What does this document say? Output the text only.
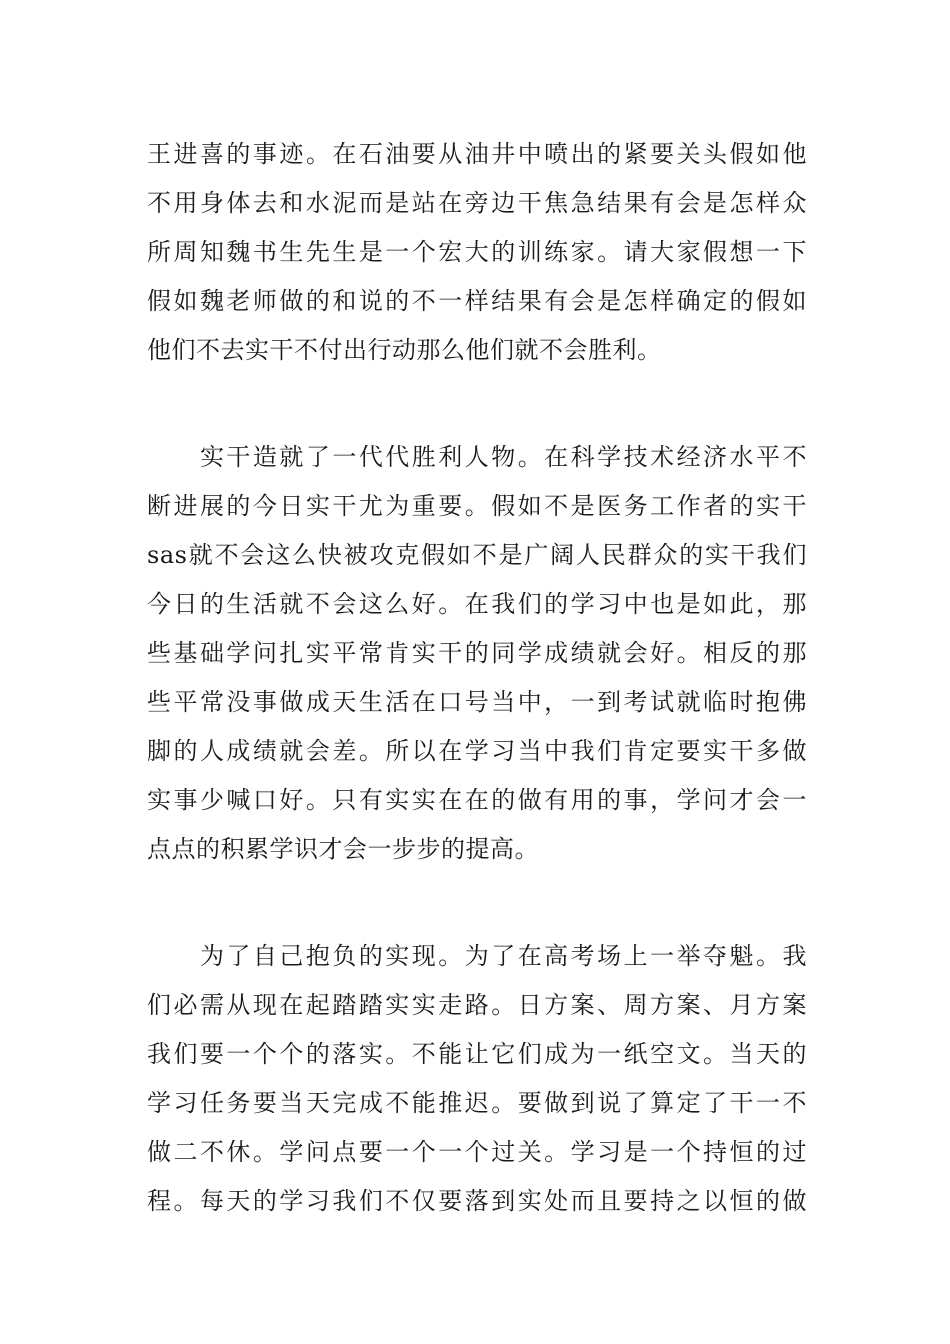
王进喜的事迹。在石油要从油井中喷出的紧要关头假如他
不用身体去和水泥而是站在旁边干焦急结果有会是怎样众
所周知魏书生先生是一个宏大的训练家。请大家假想一下
假如魏老师做的和说的不一样结果有会是怎样确定的假如
他们不去实干不付出行动那么他们就不会胜利。
　　实干造就了一代代胜利人物。在科学技术经济水平不
断进展的今日实干尤为重要。假如不是医务工作者的实干
sas就不会这么快被攻克假如不是广阔人民群众的实干我们
今日的生活就不会这么好。在我们的学习中也是如此，那
些基础学问扎实平常肯实干的同学成绩就会好。相反的那
些平常没事做成天生活在口号当中，一到考试就临时抱佛
脚的人成绩就会差。所以在学习当中我们肯定要实干多做
实事少喊口好。只有实实在在的做有用的事，学问才会一
点点的积累学识才会一步步的提高。
　　为了自己抱负的实现。为了在高考场上一举夺魁。我
们必需从现在起踏踏实实走路。日方案、周方案、月方案
我们要一个个的落实。不能让它们成为一纸空文。当天的
学习任务要当天完成不能推迟。要做到说了算定了干一不
做二不休。学问点要一个一个过关。学习是一个持恒的过
程。每天的学习我们不仅要落到实处而且要持之以恒的做
